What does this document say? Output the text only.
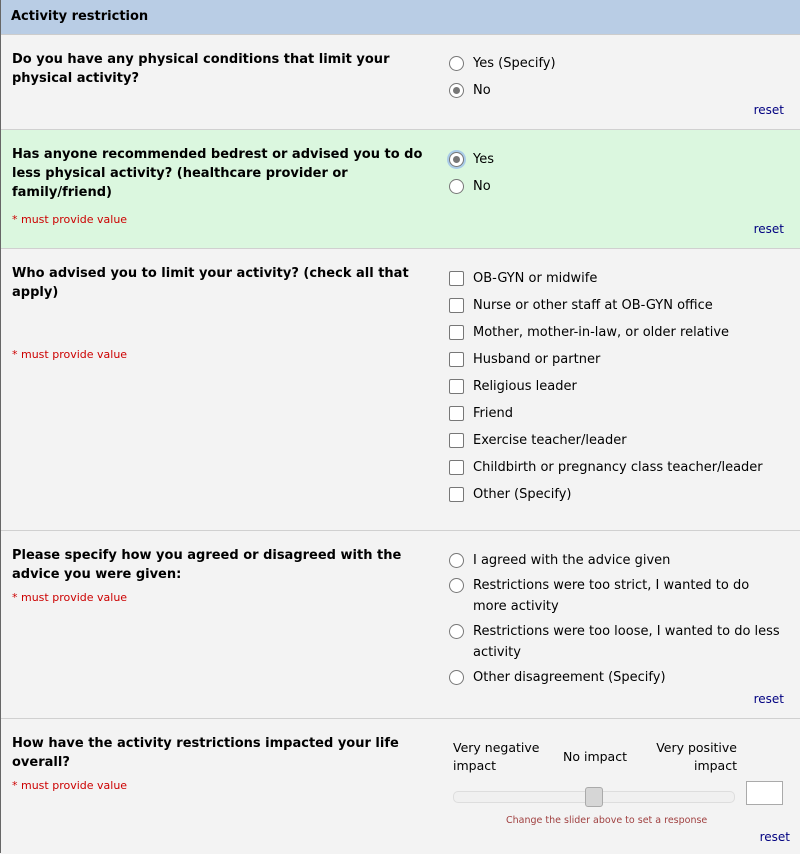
Activity restriction
Do you have any physical conditions that limit your physical activity?
Yes (Specify)
No
reset
Has anyone recommended bedrest or advised you to do less physical activity? (healthcare provider or family/friend)
* must provide value
Yes
No
reset
Who advised you to limit your activity? (check all that apply)
* must provide value
OB-GYN or midwife
Nurse or other staff at OB-GYN office
Mother, mother-in-law, or older relative
Husband or partner
Religious leader
Friend
Exercise teacher/leader
Childbirth or pregnancy class teacher/leader
Other (Specify)
Please specify how you agreed or disagreed with the advice you were given:
* must provide value
I agreed with the advice given
Restrictions were too strict, I wanted to do more activity
Restrictions were too loose, I wanted to do less activity
Other disagreement (Specify)
reset
How have the activity restrictions impacted your life overall?
* must provide value
Very negative impact
No impact
Very positive impact
Change the slider above to set a response
reset
